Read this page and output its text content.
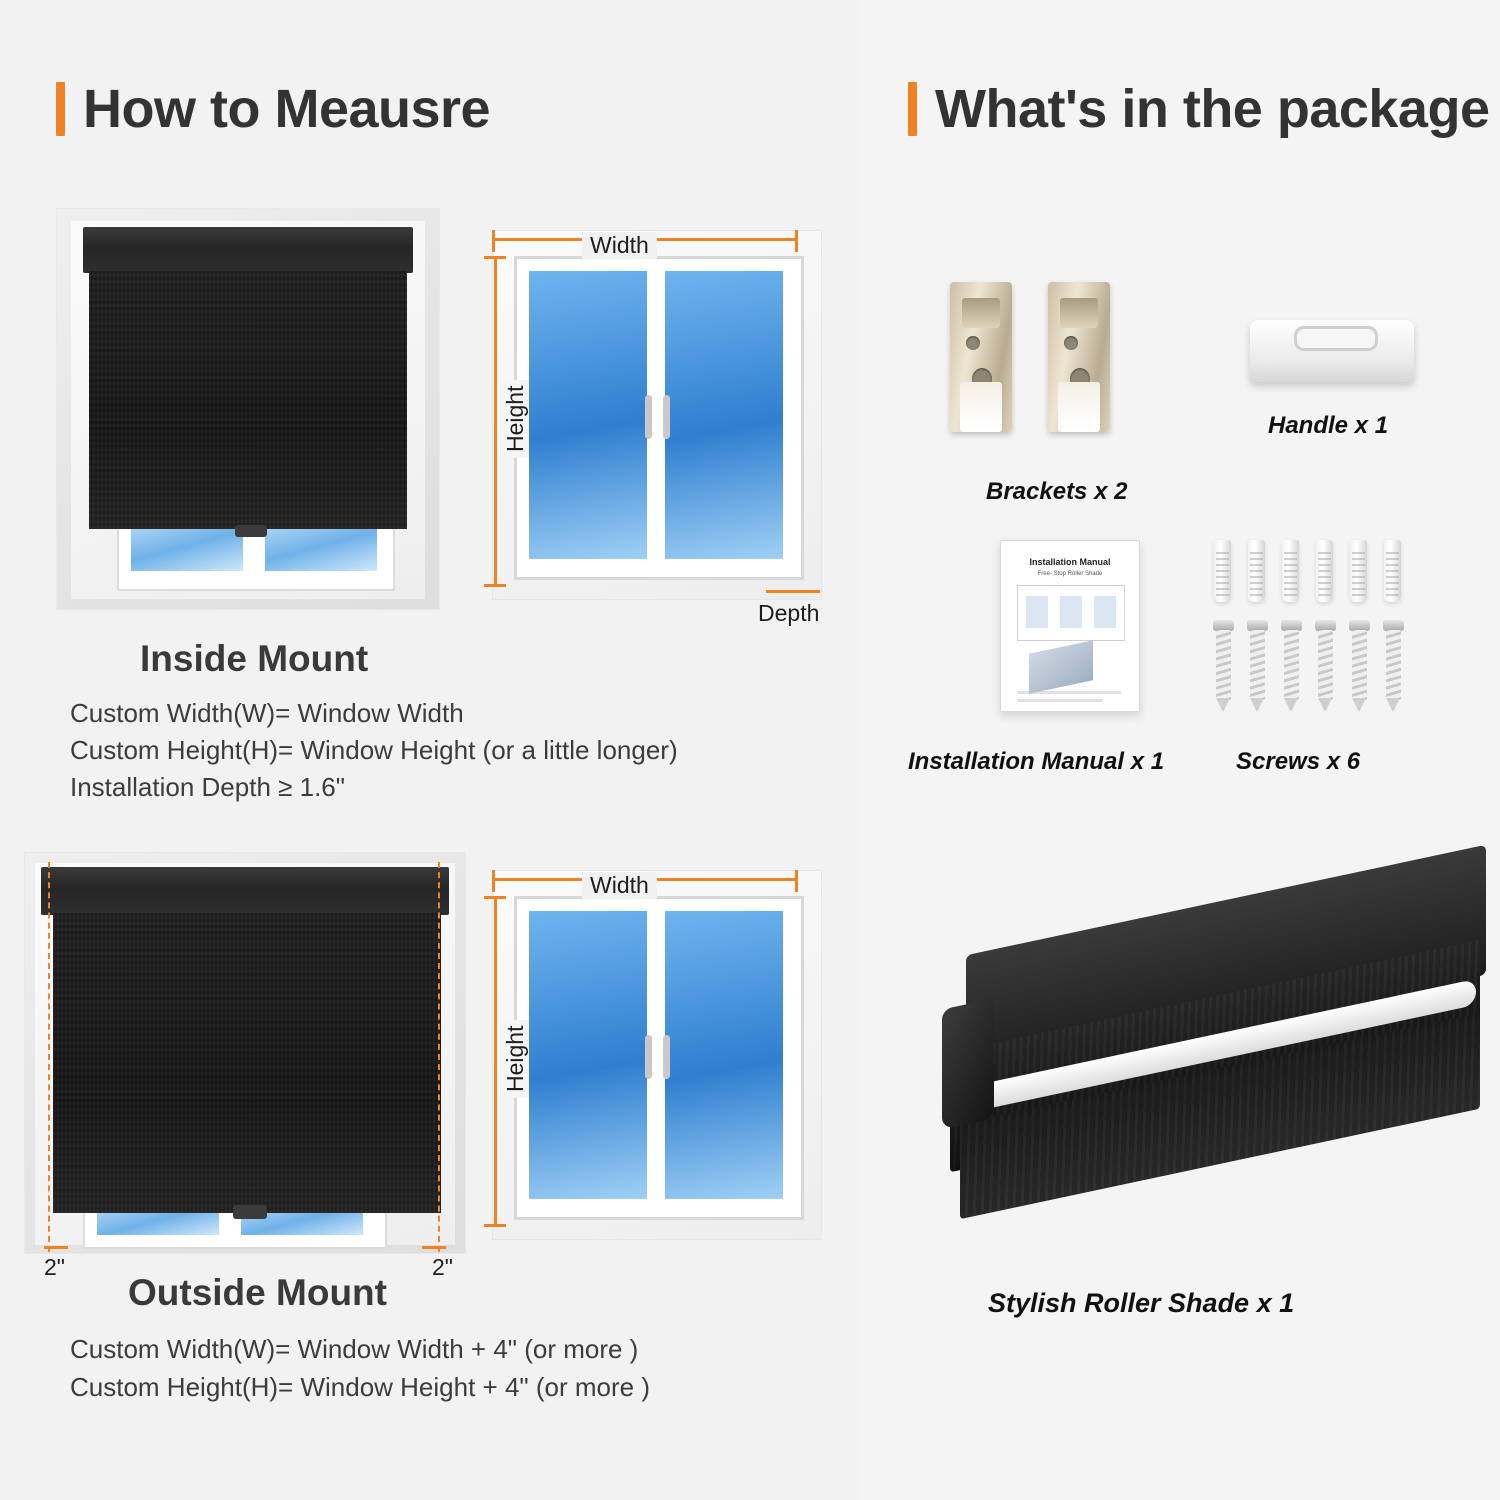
How to Meausre
Width
Height
Depth
Inside Mount
Custom Width(W)= Window Width
Custom Height(H)= Window Height (or a little longer)
Installation Depth ≥ 1.6"
2"	2"
Width
Height
Outside Mount
Custom Width(W)= Window Width + 4" (or more )
Custom Height(H)= Window Height + 4" (or more )
What's in the package
Brackets x 2
Handle x 1
Installation Manual
Free- Stop Roller Shade
Installation Manual x 1	Screws x 6
Stylish Roller Shade x 1
